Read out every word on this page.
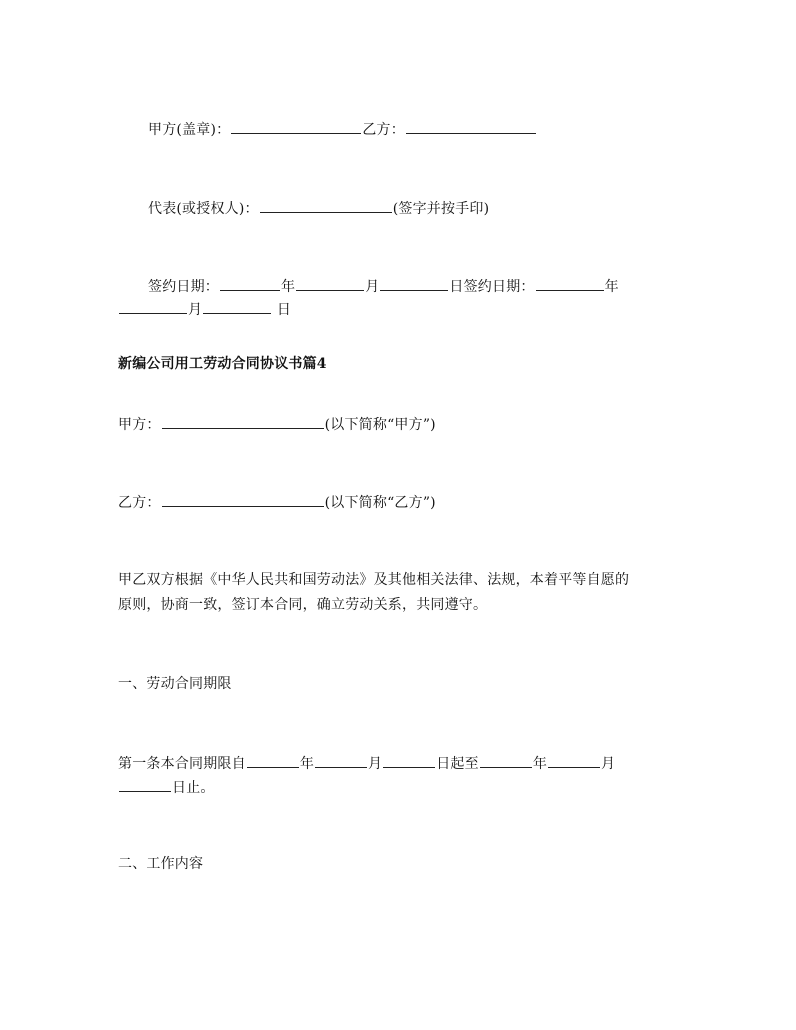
甲方(盖章)：	乙方：
代表(或授权人)：	(签字并按手印)
签约日期：	年	月	日签约日期：	年
月	日
新编公司用工劳动合同协议书篇4
甲方：	(以下简称“甲方”)
乙方：	(以下简称“乙方”)
甲乙双方根据《中华人民共和国劳动法》及其他相关法律、法规，本着平等自愿的
原则，协商一致，签订本合同，确立劳动关系，共同遵守。
一、劳动合同期限
第一条本合同期限自	年	月	日起至	年	月
日止。
二、工作内容
